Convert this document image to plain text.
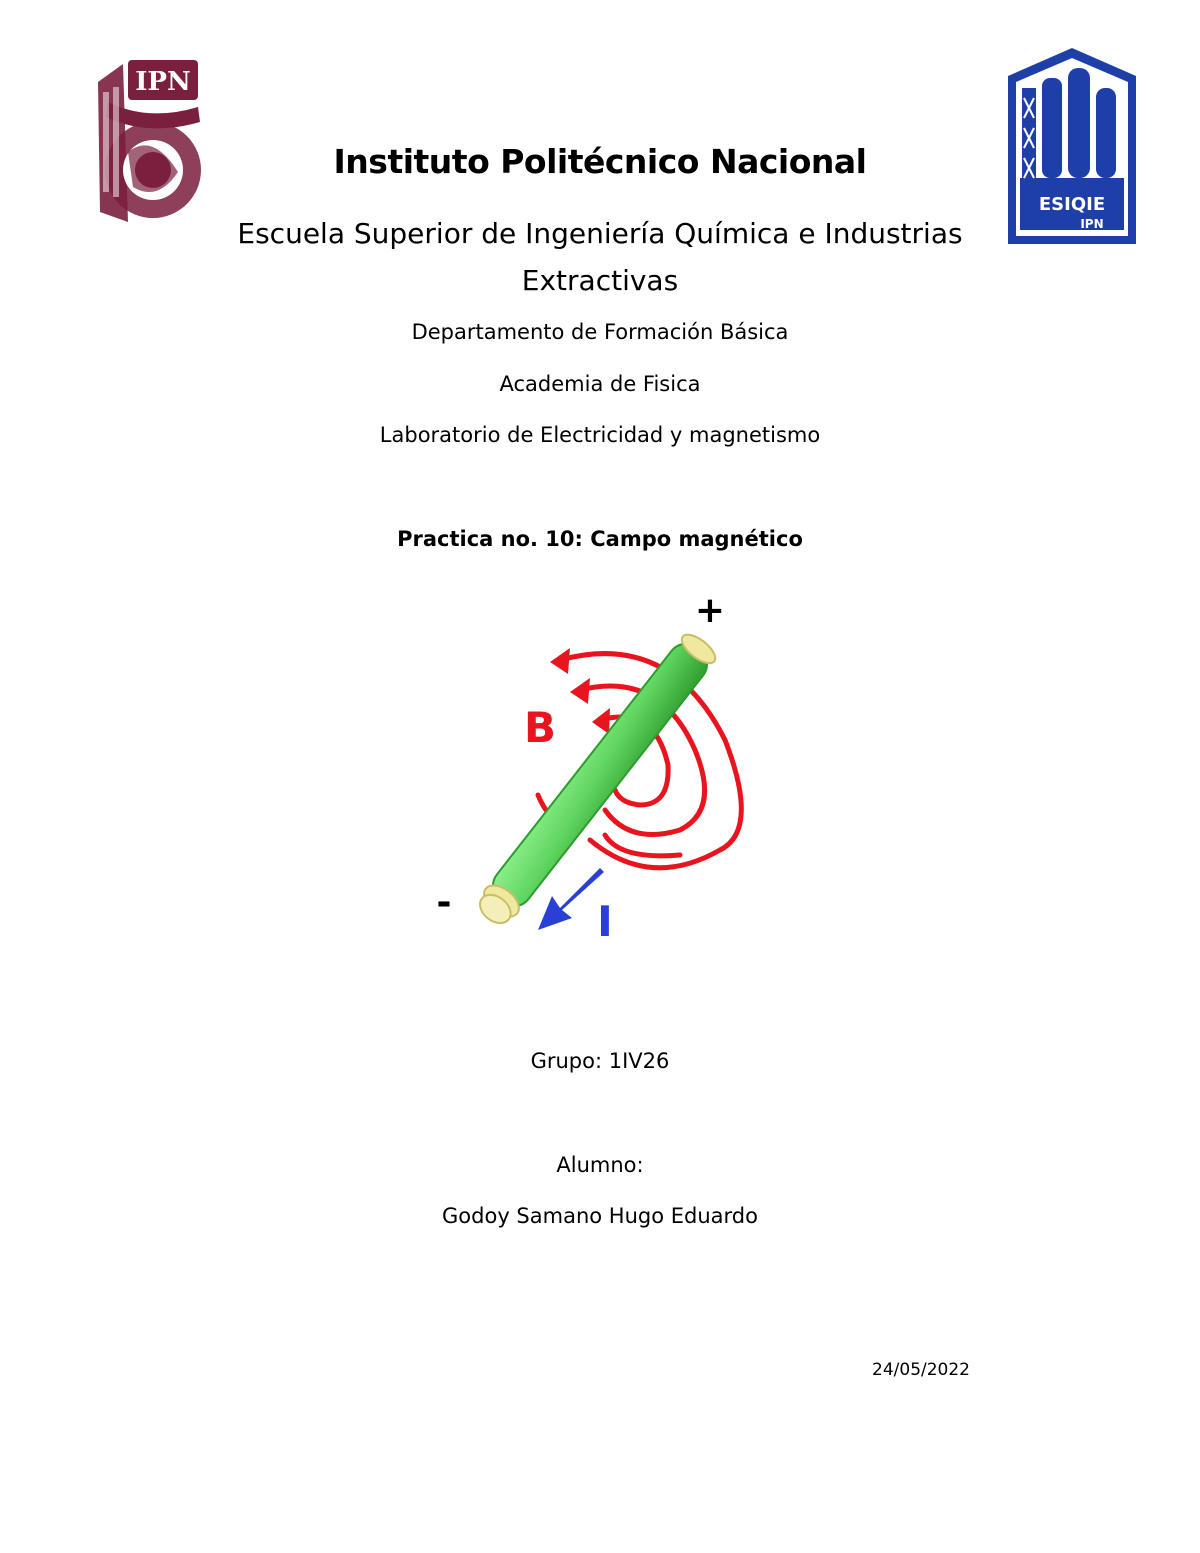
IPN
ESIQIE
IPN
Instituto Politécnico Nacional
Escuela Superior de Ingeniería Química e Industrias Extractivas
Departamento de Formación Básica
Academia de Fisica
Laboratorio de Electricidad y magnetismo
Practica no. 10: Campo magnético
+
-
B
I
Grupo: 1IV26
Alumno:
Godoy Samano Hugo Eduardo
24/05/2022
